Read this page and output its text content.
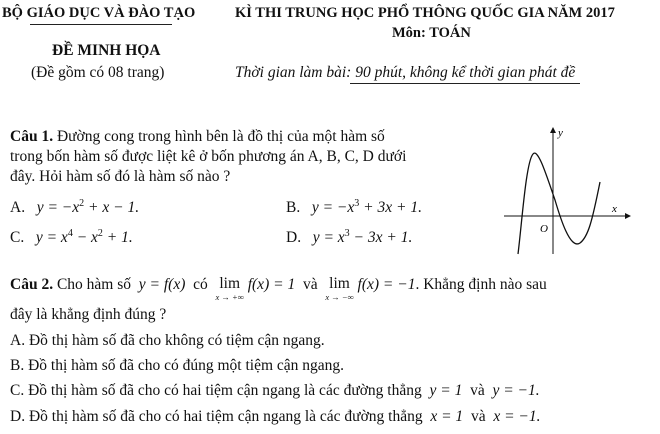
BỘ GIÁO DỤC VÀ ĐÀO TẠO	KÌ THI TRUNG HỌC PHỔ THÔNG QUỐC GIA NĂM 2017
Môn: TOÁN
ĐỀ MINH HỌA
(Đề gồm có 08 trang)	Thời gian làm bài: 90 phút, không kể thời gian phát đề
Câu 1. Đường cong trong hình bên là đồ thị của một hàm số
trong bốn hàm số được liệt kê ở bốn phương án A, B, C, D dưới
đây. Hỏi hàm số đó là hàm số nào ?
A. $y = -x^2 + x - 1$.	B. $y = -x^3 + 3x + 1$.
C. $y = x^4 - x^2 + 1$.	D. $y = x^3 - 3x + 1$.
y
x
O
Câu 2. Cho hàm số y = f(x) có lim
x → +∞
f(x) = 1 và lim
x → −∞
f(x) = −1. Khẳng định nào sau
đây là khẳng định đúng ?
A. Đồ thị hàm số đã cho không có tiệm cận ngang.
B. Đồ thị hàm số đã cho có đúng một tiệm cận ngang.
C. Đồ thị hàm số đã cho có hai tiệm cận ngang là các đường thẳng y = 1 và y = −1.
D. Đồ thị hàm số đã cho có hai tiệm cận ngang là các đường thẳng x = 1 và x = −1.
